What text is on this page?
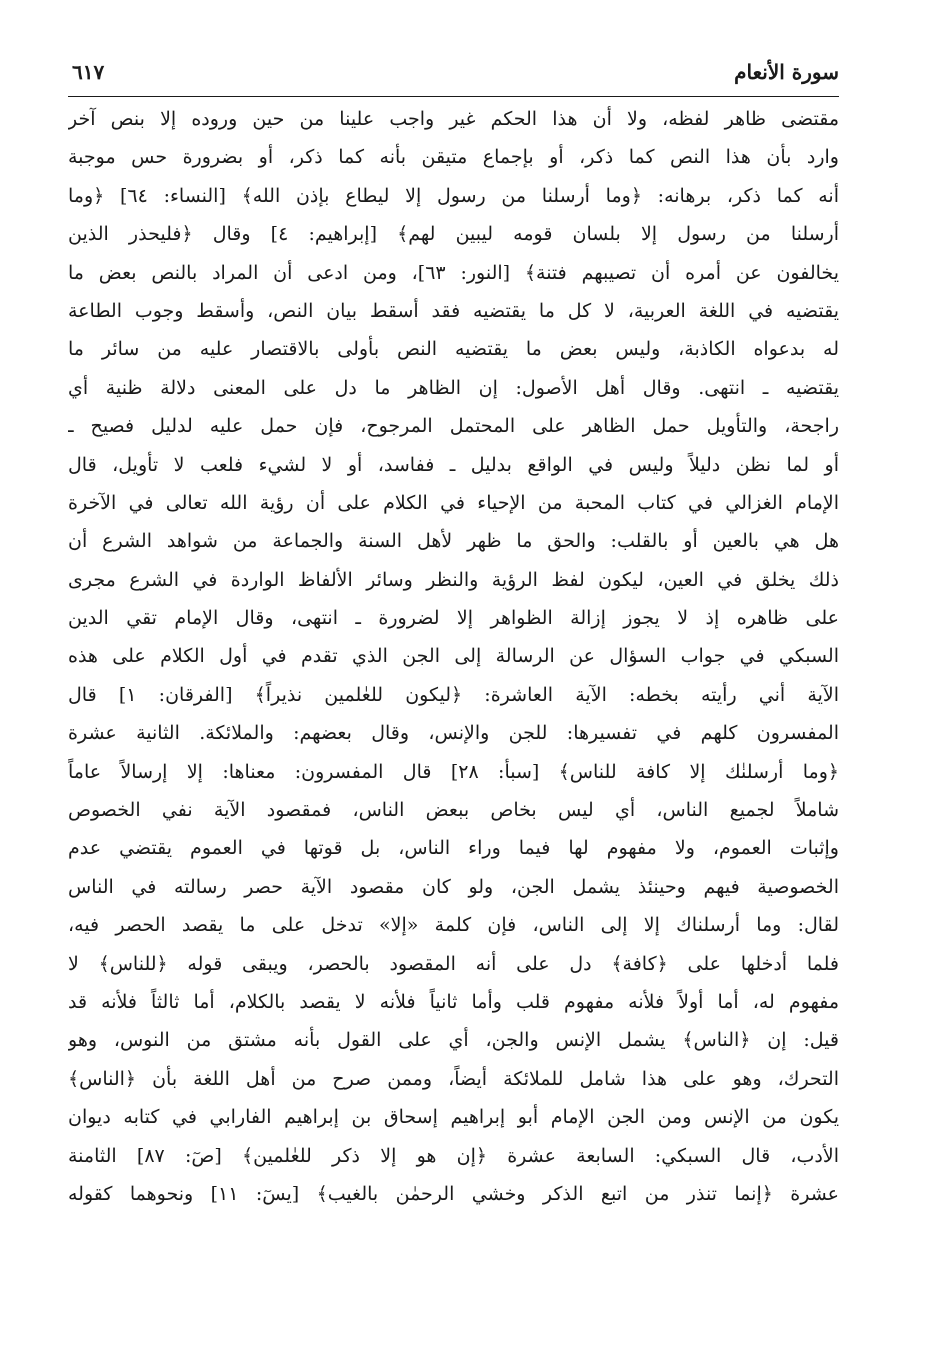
سورة الأنعام
٦١٧
مقتضى ظاهر لفظه، ولا أن هذا الحكم غير واجب علينا من حين وروده إلا بنص آخر
وارد بأن هذا النص كما ذكر، أو بإجماع متيقن بأنه كما ذكر، أو بضرورة حس موجبة
أنه كما ذكر، برهانه: ﴿وما أرسلنا من رسول إلا ليطاع بإذن الله﴾ [النساء: ٦٤] ﴿وما
أرسلنا من رسول إلا بلسان قومه ليبين لهم﴾ [إبراهيم: ٤] وقال ﴿فليحذر الذين
يخالفون عن أمره أن تصيبهم فتنة﴾ [النور: ٦٣]، ومن ادعى أن المراد بالنص بعض ما
يقتضيه في اللغة العربية، لا كل ما يقتضيه فقد أسقط بيان النص، وأسقط وجوب الطاعة
له بدعواه الكاذبة، وليس بعض ما يقتضيه النص بأولى بالاقتصار عليه من سائر ما
يقتضيه ـ انتهى. وقال أهل الأصول: إن الظاهر ما دل على المعنى دلالة ظنية أي
راجحة، والتأويل حمل الظاهر على المحتمل المرجوح، فإن حمل عليه لدليل فصيح ـ
أو لما نظن دليلاً وليس في الواقع بدليل ـ ففاسد، أو لا لشيء فلعب لا تأويل، قال
الإمام الغزالي في كتاب المحبة من الإحياء في الكلام على أن رؤية الله تعالى في الآخرة
هل هي بالعين أو بالقلب: والحق ما ظهر لأهل السنة والجماعة من شواهد الشرع أن
ذلك يخلق في العين، ليكون لفظ الرؤية والنظر وسائر الألفاظ الواردة في الشرع مجرى
على ظاهره إذ لا يجوز إزالة الظواهر إلا لضرورة ـ انتهى، وقال الإمام تقي الدين
السبكي في جواب السؤال عن الرسالة إلى الجن الذي تقدم في أول الكلام على هذه
الآية أني رأيته بخطه: الآية العاشرة: ﴿ليكون للعٰلمين نذيراً﴾ [الفرقان: ١] قال
المفسرون كلهم في تفسيرها: للجن والإنس، وقال بعضهم: والملائكة. الثانية عشرة
﴿وما أرسلنٰك إلا كافة للناس﴾ [سبأ: ٢٨] قال المفسرون: معناها: إلا إرسالاً عاماً
شاملاً لجميع الناس، أي ليس بخاص ببعض الناس، فمقصود الآية نفي الخصوص
وإثبات العموم، ولا مفهوم لها فيما وراء الناس، بل قوتها في العموم يقتضي عدم
الخصوصية فيهم وحينئذ يشمل الجن، ولو كان مقصود الآية حصر رسالته في الناس
لقال: وما أرسلناك إلا إلى الناس، فإن كلمة «إلا» تدخل على ما يقصد الحصر فيه،
فلما أدخلها على ﴿كافة﴾ دل على أنه المقصود بالحصر، ويبقى قوله ﴿للناس﴾ لا
مفهوم له، أما أولاً فلأنه مفهوم قلب وأما ثانياً فلأنه لا يقصد بالكلام، أما ثالثاً فلأنه قد
قيل: إن ﴿الناس﴾ يشمل الإنس والجن، أي على القول بأنه مشتق من النوس، وهو
التحرك، وهو على هذا شامل للملائكة أيضاً، وممن صرح من أهل اللغة بأن ﴿الناس﴾
يكون من الإنس ومن الجن الإمام أبو إبراهيم إسحاق بن إبراهيم الفارابي في كتابه ديوان
الأدب، قال السبكي: السابعة عشرة ﴿إن هو إلا ذكر للعٰلمين﴾ [صٓ: ٨٧] الثامنة
عشرة ﴿إنما تنذر من اتبع الذكر وخشي الرحمٰن بالغيب﴾ [يسٓ: ١١] ونحوهما كقوله
